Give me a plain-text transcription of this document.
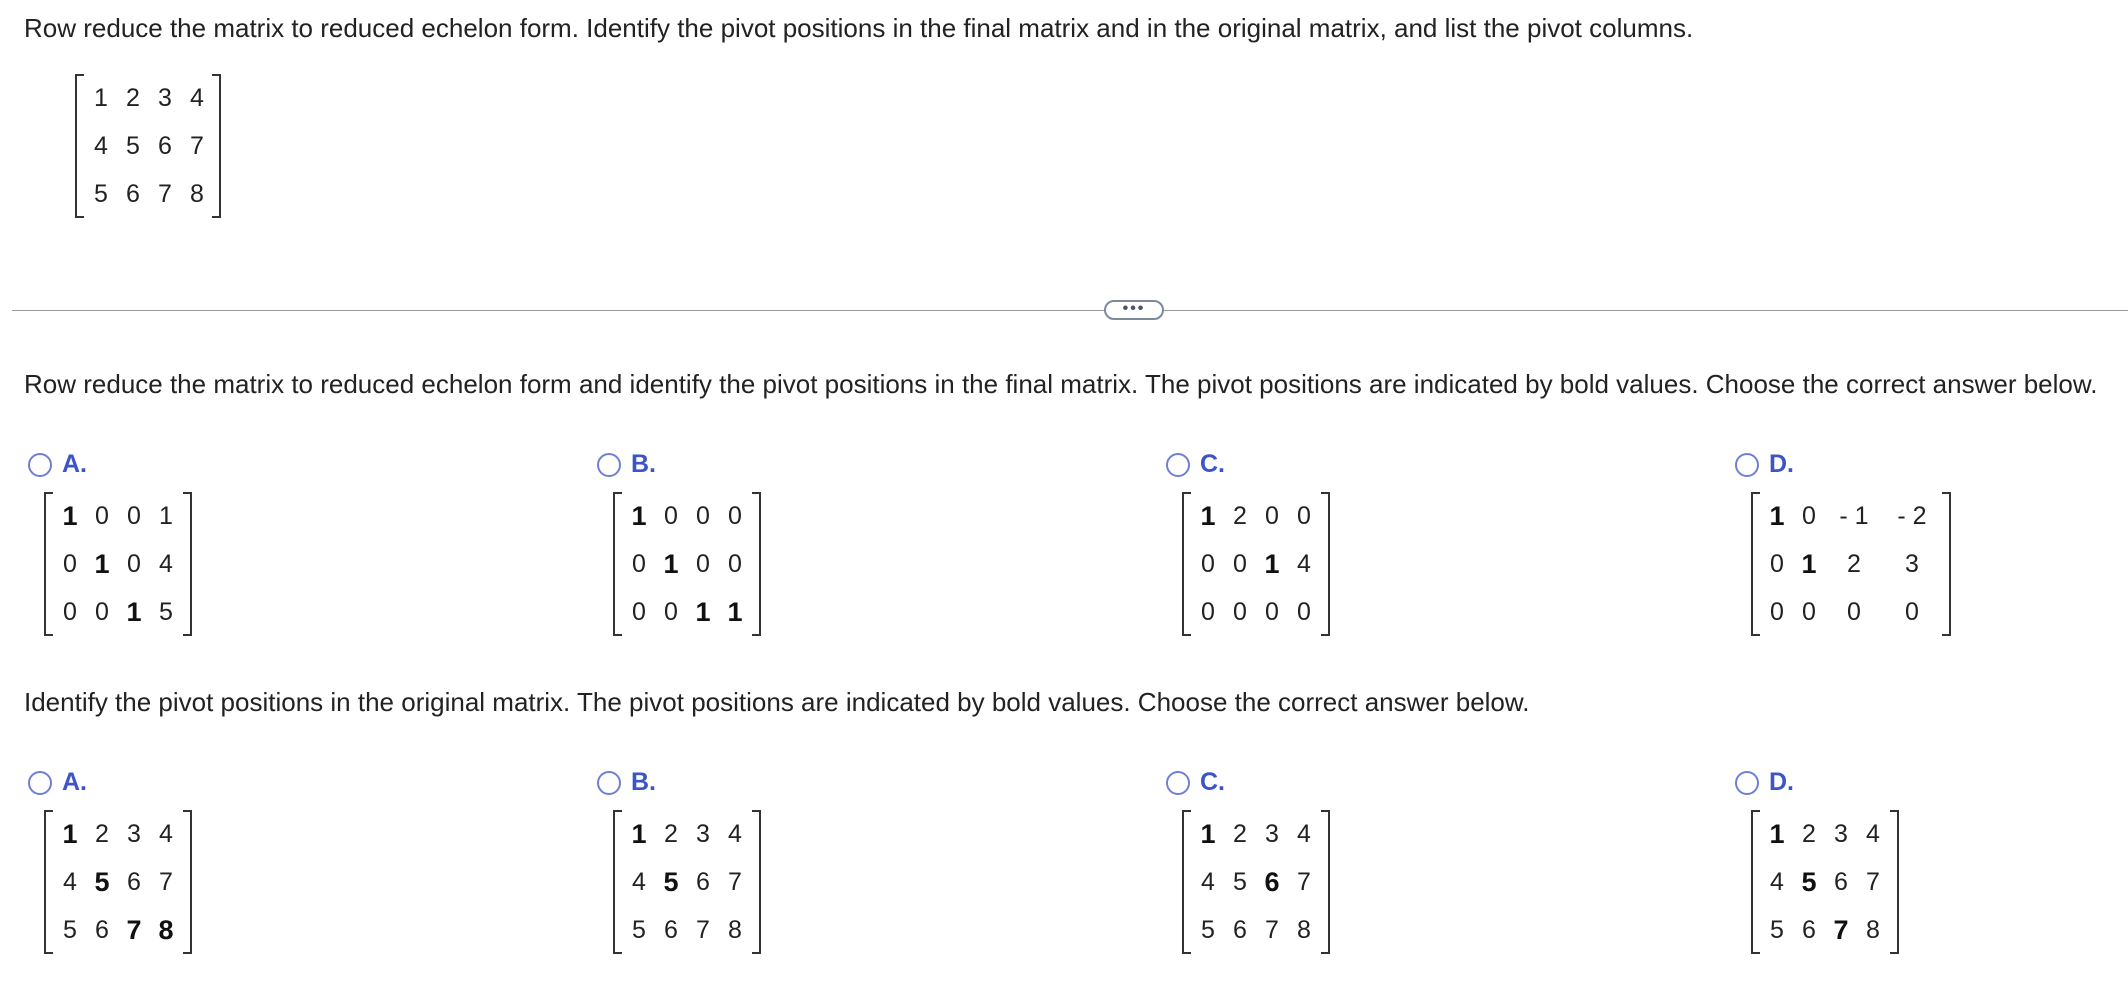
Row reduce the matrix to reduced echelon form. Identify the pivot positions in the final matrix and in the original matrix, and list the pivot columns.
1 2 3 4
4 5 6 7
5 6 7 8
•••
Row reduce the matrix to reduced echelon form and identify the pivot positions in the final matrix. The pivot positions are indicated by bold values. Choose the correct answer below.
A.
1 0 0 1
0 1 0 4
0 0 1 5
B.
1 0 0 0
0 1 0 0
0 0 1 1
C.
1 2 0 0
0 0 1 4
0 0 0 0
D.
1 0 - 1	- 2
0 1	2	3
0 0	0	0
Identify the pivot positions in the original matrix. The pivot positions are indicated by bold values. Choose the correct answer below.
A.
1 2 3 4
4 5 6 7
5 6 7 8
B.
1 2 3 4
4 5 6 7
5 6 7 8
C.
1 2 3 4
4 5 6 7
5 6 7 8
D.
1 2 3 4
4 5 6 7
5 6 7 8
